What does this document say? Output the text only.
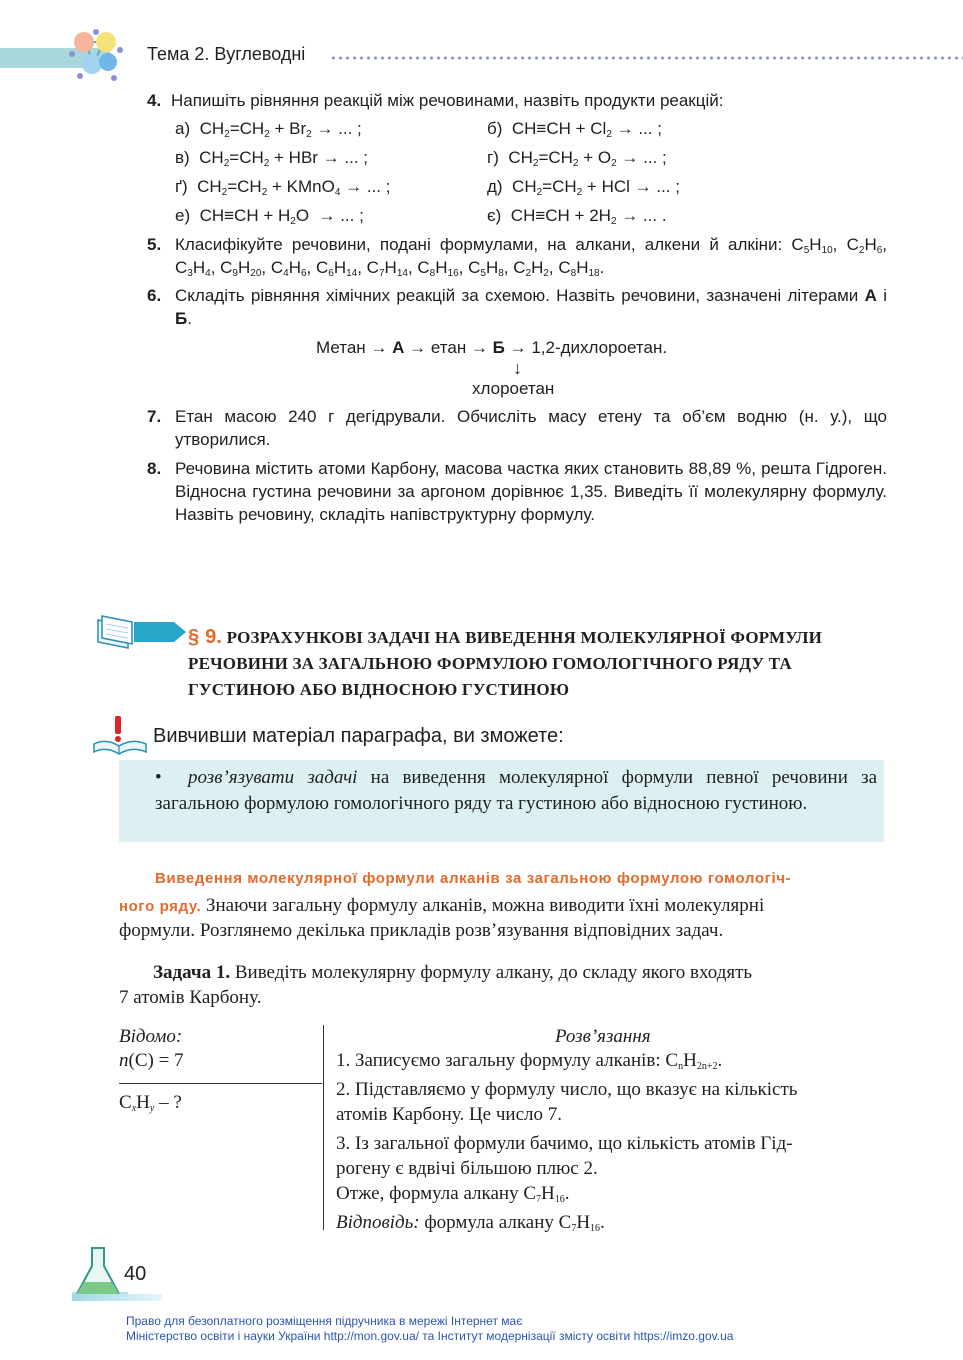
Тема 2. Вуглеводні
4. Напишіть рівняння реакцій між речовинами, назвіть продукти реакцій:
а)  $CH_2=CH_2 + Br_2$ → ... ;	б)  $CH\equiv CH + Cl_2$ → ... ;
в)  $CH_2=CH_2$ + HBr → ... ;	г)  $CH_2=CH_2 + O_2$ → ... ;
ґ)  $CH_2=CH_2$ + KMnO$_4$ → ... ;	д)  $CH_2=CH_2$ + HCl → ... ;
е)  $CH\equiv CH + H_2O$  → ... ;	є)  $CH\equiv CH + 2H_2$ → ... .
5. Класифікуйте речовини, подані формулами, на алкани, алкени й алкіни: $C_5H_{10}$, $C_2H_6$, $C_3H_4$, $C_9H_{20}$, $C_4H_6$, $C_6H_{14}$, $C_7H_{14}$, $C_8H_{16}$, $C_5H_8$, $C_2H_2$, $C_8H_{18}$.
6. Складіть рівняння хімічних реакцій за схемою. Назвіть речовини, зазначені літерами А і Б.
Метан → А → етан → Б → 1,2-дихлороетан.
↓
хлороетан
7. Етан масою 240 г дегідрували. Обчисліть масу етену та об’єм водню (н. у.), що утворилися.
8. Речовина містить атоми Карбону, масова частка яких становить 88,89 %, решта Гідроген. Відносна густина речовини за аргоном дорівнює 1,35. Виведіть її молекулярну формулу. Назвіть речовину, складіть напівструктурну формулу.
§ 9. РОЗРАХУНКОВІ ЗАДАЧІ НА ВИВЕДЕННЯ МОЛЕКУЛЯРНОЇ ФОРМУЛИ РЕЧОВИНИ ЗА ЗАГАЛЬНОЮ ФОРМУЛОЮ ГОМОЛОГІЧНОГО РЯДУ ТА ГУСТИНОЮ АБО ВІДНОСНОЮ ГУСТИНОЮ
Вивчивши матеріал параграфа, ви зможете:
•  розв’язувати задачі на виведення молекулярної формули певної речовини за загальною формулою гомологічного ряду та густиною або відносною густиною.
Виведення молекулярної формули алканів за загальною формулою гомологіч-
ного ряду. Знаючи загальну формулу алканів, можна виводити їхні молекулярні
формули. Розглянемо декілька прикладів розв’язування відповідних задач.
Задача 1. Виведіть молекулярну формулу алкану, до складу якого входять
7 атомів Карбону.
Відомо:
n(C) = 7
$C_xH_y$ – ?
Розв’язання
1. Записуємо загальну формулу алканів: $C_nH_{2n+2}$.
2. Підставляємо у формулу число, що вказує на кількість
атомів Карбону. Це число 7.
3. Із загальної формули бачимо, що кількість атомів Гід-
рогену є вдвічі більшою плюс 2.
Отже, формула алкану $C_7H_{16}$.
Відповідь: формула алкану $C_7H_{16}$.
40
Право для безоплатного розміщення підручника в мережі Інтернет має
Міністерство освіти і науки України http://mon.gov.ua/ та Інститут модернізації змісту освіти https://imzo.gov.ua
